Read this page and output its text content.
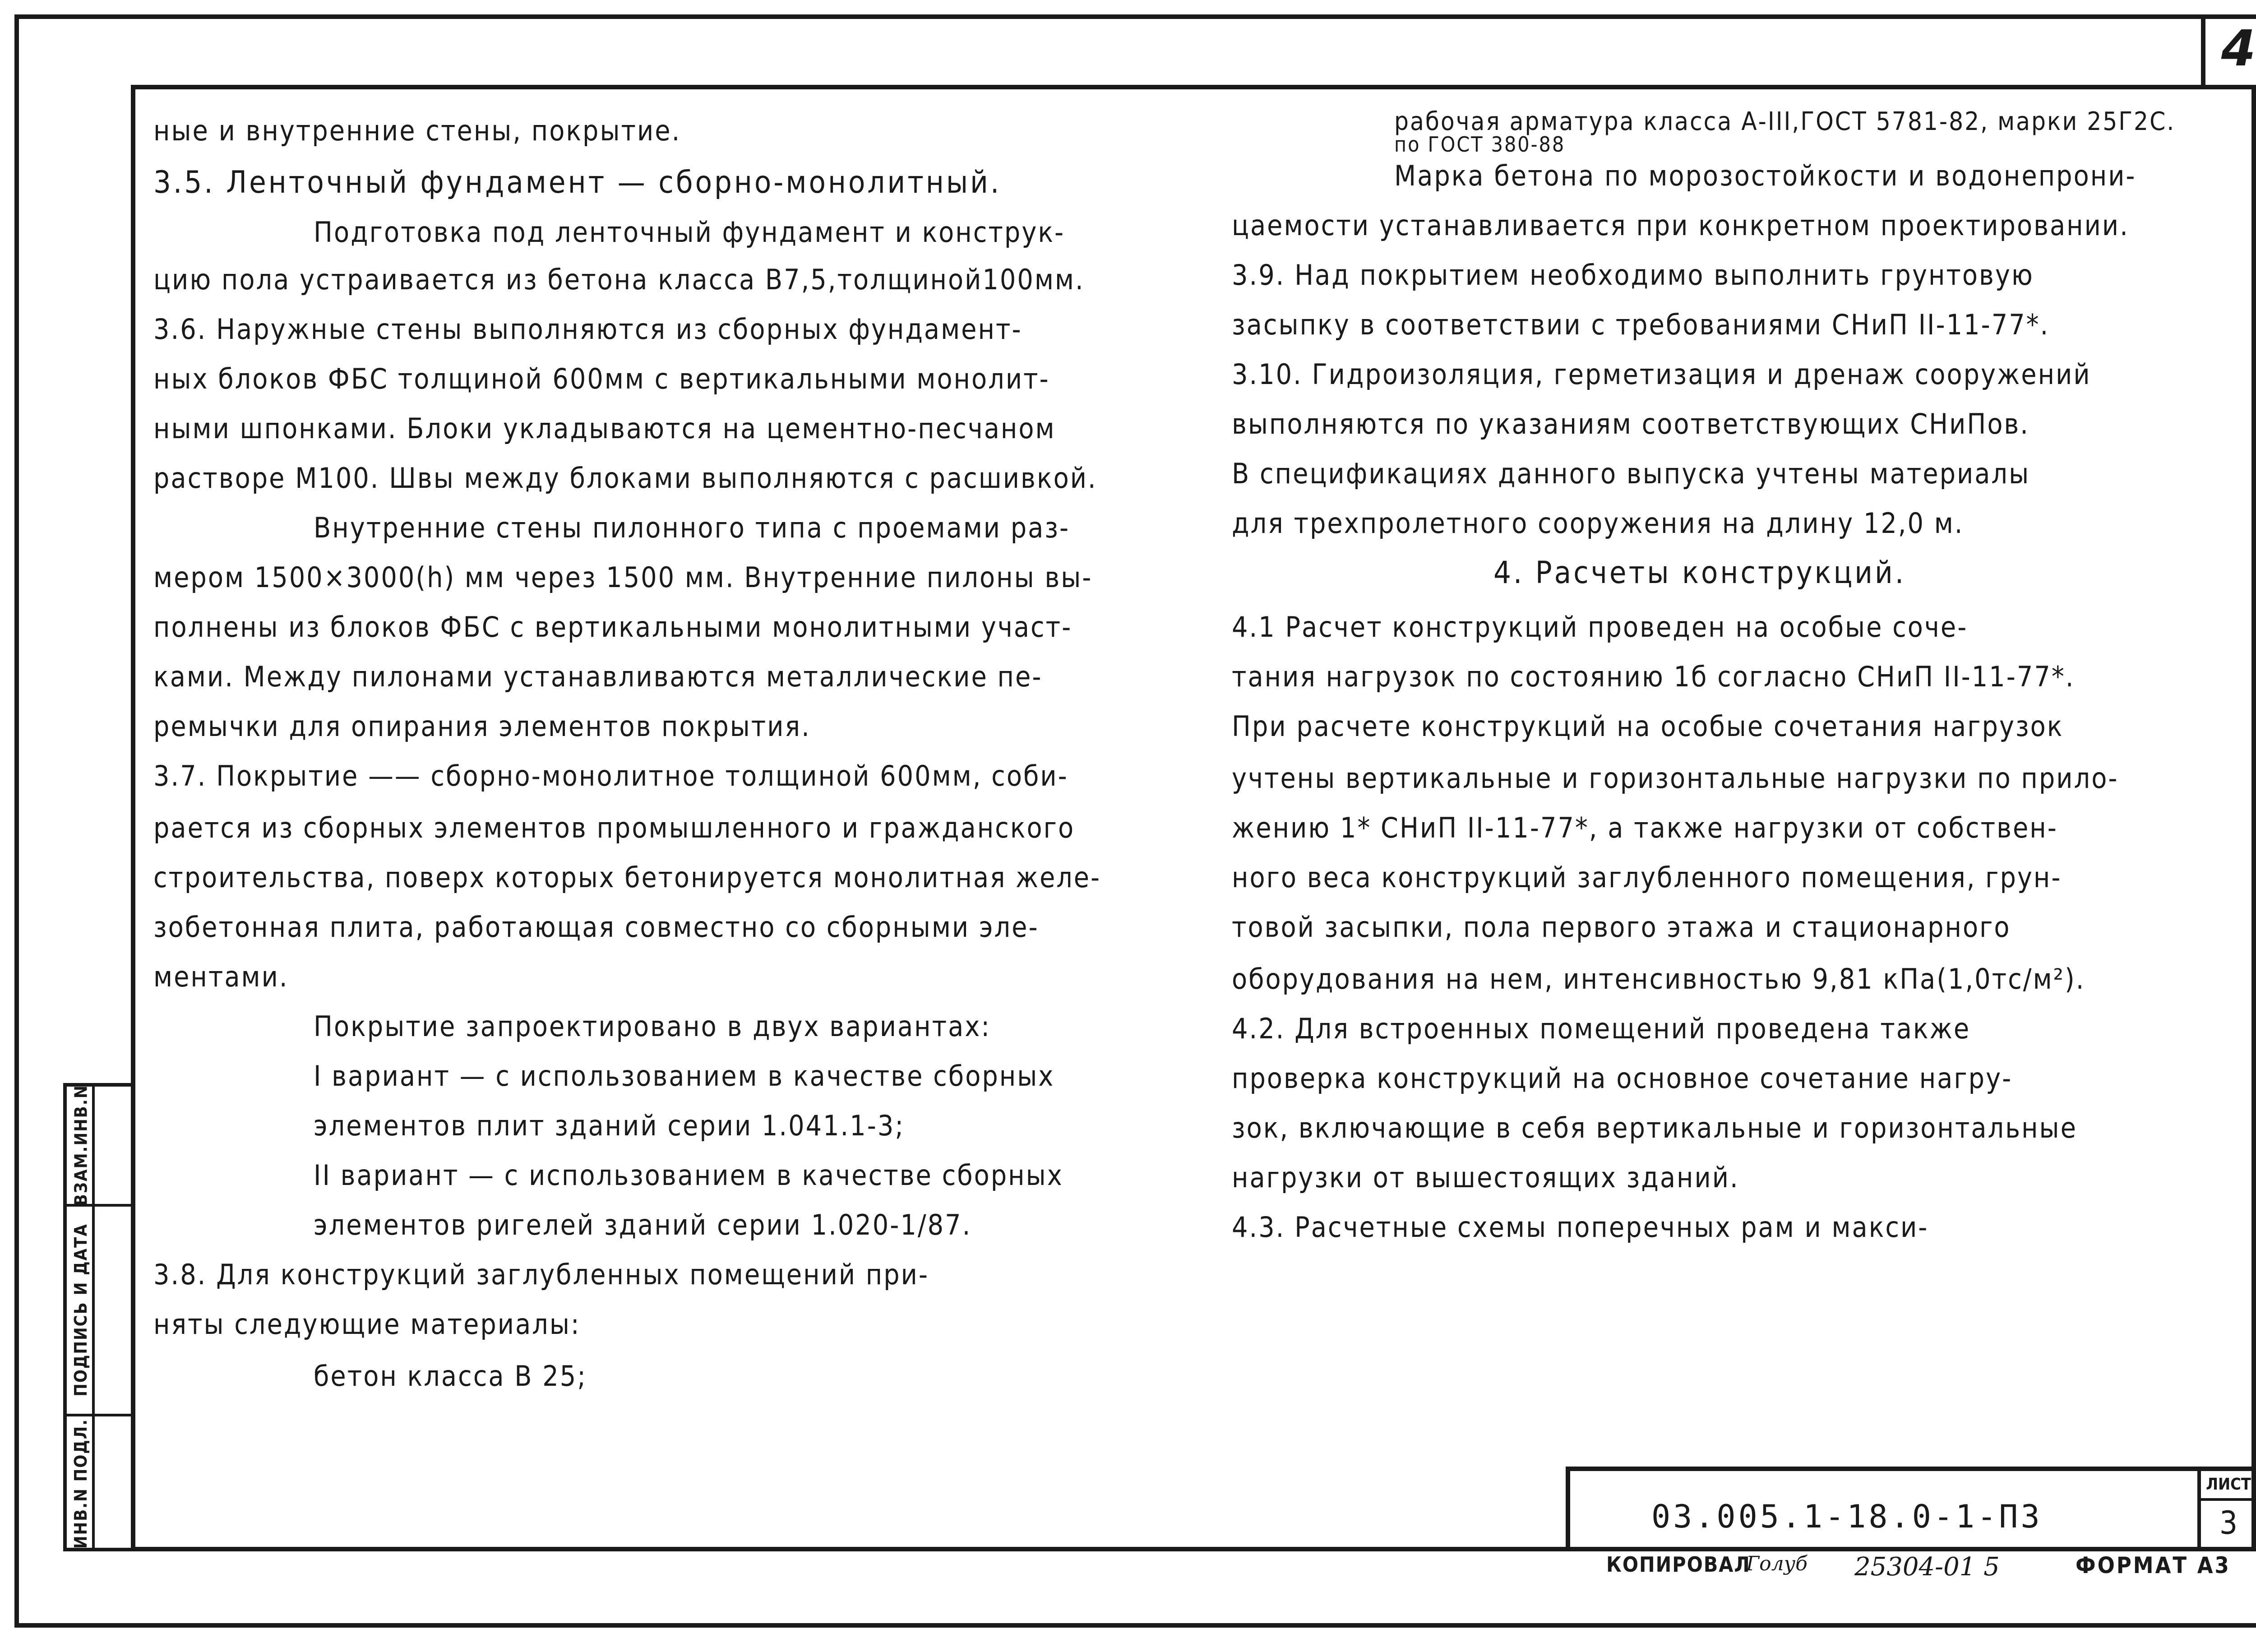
4
ные и внутренние стены, покрытие.
3.5. Ленточный фундамент — сборно-монолитный.
Подготовка под ленточный фундамент и конструк-
цию пола устраивается из бетона класса В7,5,толщиной100мм.
3.6. Наружные стены выполняются из сборных фундамент-
ных блоков ФБС толщиной 600мм с вертикальными монолит-
ными шпонками. Блоки укладываются на цементно-песчаном
растворе М100. Швы между блоками выполняются с расшивкой.
Внутренние стены пилонного типа с проемами раз-
мером 1500×3000(h) мм через 1500 мм. Внутренние пилоны вы-
полнены из блоков ФБС с вертикальными монолитными участ-
ками. Между пилонами устанавливаются металлические пе-
ремычки для опирания элементов покрытия.
3.7. Покрытие —— сборно-монолитное толщиной 600мм, соби-
рается из сборных элементов промышленного и гражданского
строительства, поверх которых бетонируется монолитная желе-
зобетонная плита, работающая совместно со сборными эле-
ментами.
Покрытие запроектировано в двух вариантах:
I вариант — с использованием в качестве сборных
элементов плит зданий серии 1.041.1-3;
II вариант — с использованием в качестве сборных
элементов ригелей зданий серии 1.020-1/87.
3.8. Для конструкций заглубленных помещений при-
няты следующие материалы:
бетон класса В 25;
рабочая арматура класса А-III,ГОСТ 5781-82, марки 25Г2С.
по ГОСТ 380-88
Марка бетона по морозостойкости и водонепрони-
цаемости устанавливается при конкретном проектировании.
3.9. Над покрытием необходимо выполнить грунтовую
засыпку в соответствии с требованиями СНиП II-11-77*.
3.10. Гидроизоляция, герметизация и дренаж сооружений
выполняются по указаниям соответствующих СНиПов.
В спецификациях данного выпуска учтены материалы
для трехпролетного сооружения на длину 12,0 м.
4. Расчеты конструкций.
4.1 Расчет конструкций проведен на особые соче-
тания нагрузок по состоянию 1б согласно СНиП II-11-77*.
При расчете конструкций на особые сочетания нагрузок
учтены вертикальные и горизонтальные нагрузки по прило-
жению 1* СНиП II-11-77*, а также нагрузки от собствен-
ного веса конструкций заглубленного помещения, грун-
товой засыпки, пола первого этажа и стационарного
оборудования на нем, интенсивностью 9,81 кПа(1,0тс/м²).
4.2. Для встроенных помещений проведена также
проверка конструкций на основное сочетание нагру-
зок, включающие в себя вертикальные и горизонтальные
нагрузки от вышестоящих зданий.
4.3. Расчетные схемы поперечных рам и макси-
ВЗАМ.ИНВ.N
ПОДПИСЬ И ДАТА
ИНВ.N ПОДЛ.	03.005.1-18.0-1-ПЗ
ЛИСТ
3
КОПИРОВАЛ
Голуб 25304-01 5	ФОРМАТ А3
